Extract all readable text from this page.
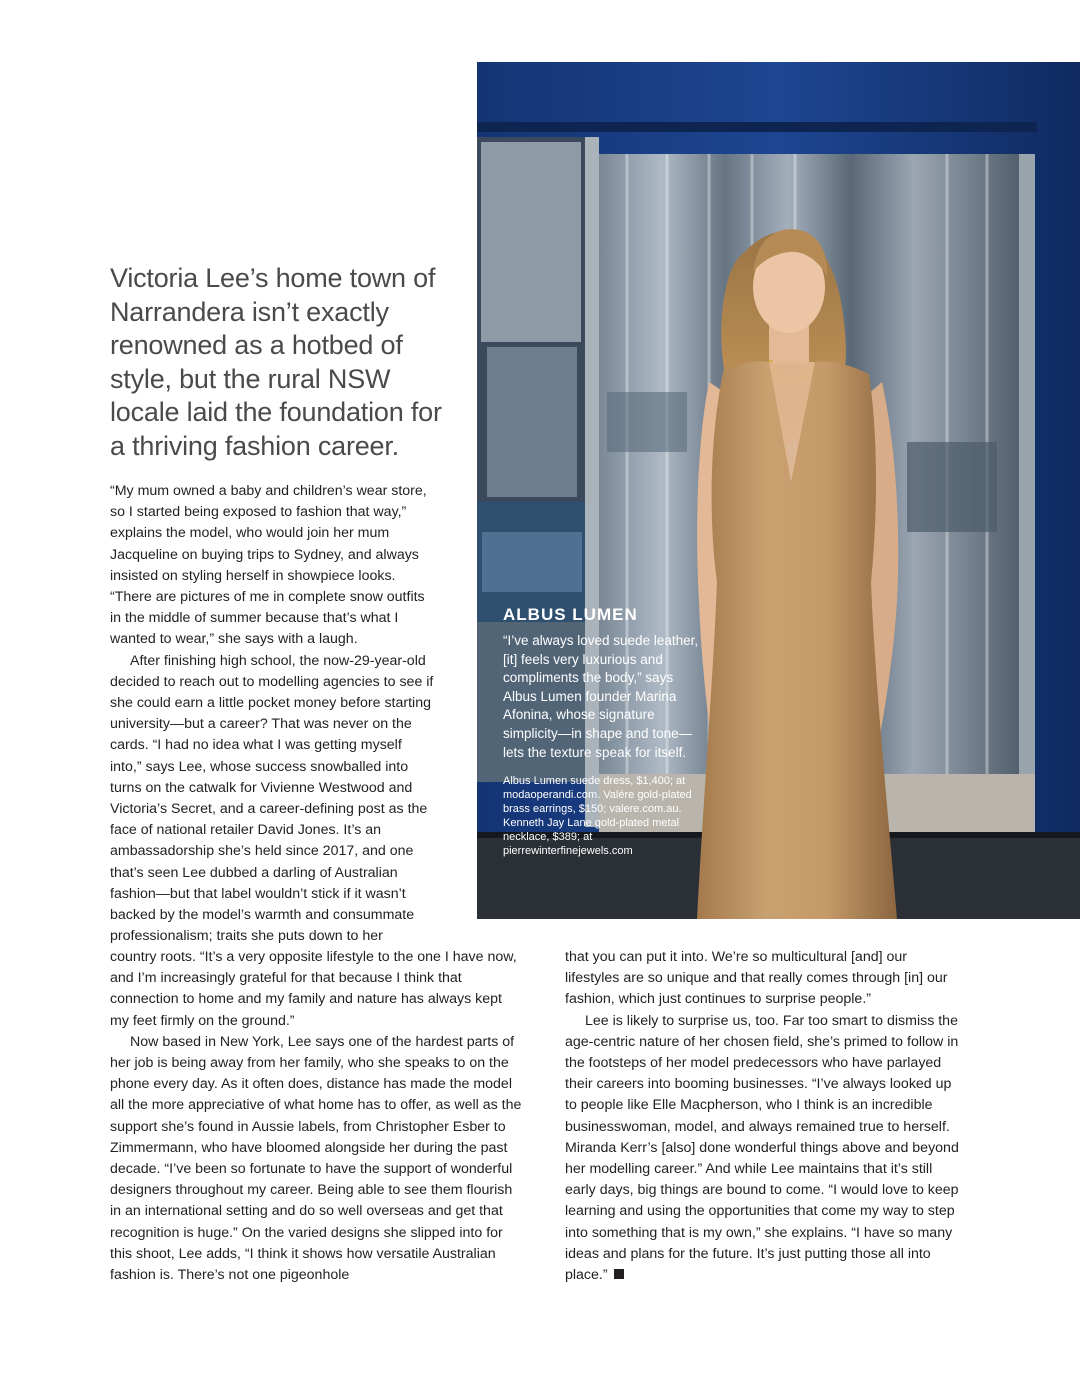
ALBUS LUMEN

“I’ve always loved suede leather, [it] feels very luxurious and compliments the body,” says Albus Lumen founder Marina Afonina, whose signature simplicity—in shape and tone—lets the texture speak for itself.

Albus Lumen suede dress, $1,400; at modaoperandi.com. Valére gold-plated brass earrings, $150; valere.com.au. Kenneth Jay Lane gold-plated metal necklace, $389; at pierrewinterfinejewels.com

Victoria Lee’s home town of Narrandera isn’t exactly renowned as a hotbed of style, but the rural NSW locale laid the foundation for a thriving fashion career.

“My mum owned a baby and children’s wear store, so I started being exposed to fashion that way,” explains the model, who would join her mum Jacqueline on buying trips to Sydney, and always insisted on styling herself in showpiece looks. “There are pictures of me in complete snow outfits in the middle of summer because that’s what I wanted to wear,” she says with a laugh.

After finishing high school, the now-29-year-old decided to reach out to modelling agencies to see if she could earn a little pocket money before starting university—but a career? That was never on the cards. “I had no idea what I was getting myself into,” says Lee, whose success snowballed into turns on the catwalk for Vivienne Westwood and Victoria’s Secret, and a career-defining post as the face of national retailer David Jones. It’s an ambassadorship she’s held since 2017, and one that’s seen Lee dubbed a darling of Australian fashion—but that label wouldn’t stick if it wasn’t backed by the model’s warmth and consummate professionalism; traits she puts down to her

country roots. “It’s a very opposite lifestyle to the one I have now, and I’m increasingly grateful for that because I think that connection to home and my family and nature has always kept my feet firmly on the ground.”

Now based in New York, Lee says one of the hardest parts of her job is being away from her family, who she speaks to on the phone every day. As it often does, distance has made the model all the more appreciative of what home has to offer, as well as the support she’s found in Aussie labels, from Christopher Esber to Zimmermann, who have bloomed alongside her during the past decade. “I’ve been so fortunate to have the support of wonderful designers throughout my career. Being able to see them flourish in an international setting and do so well overseas and get that recognition is huge.” On the varied designs she slipped into for this shoot, Lee adds, “I think it shows how versatile Australian fashion is. There’s not one pigeonhole

that you can put it into. We’re so multicultural [and] our lifestyles are so unique and that really comes through [in] our fashion, which just continues to surprise people.”

Lee is likely to surprise us, too. Far too smart to dismiss the age-centric nature of her chosen field, she’s primed to follow in the footsteps of her model predecessors who have parlayed their careers into booming businesses. “I’ve always looked up to people like Elle Macpherson, who I think is an incredible businesswoman, model, and always remained true to herself. Miranda Kerr’s [also] done wonderful things above and beyond her modelling career.” And while Lee maintains that it’s still early days, big things are bound to come. “I would love to keep learning and using the opportunities that come my way to step into something that is my own,” she explains. “I have so many ideas and plans for the future. It’s just putting those all into place.”
